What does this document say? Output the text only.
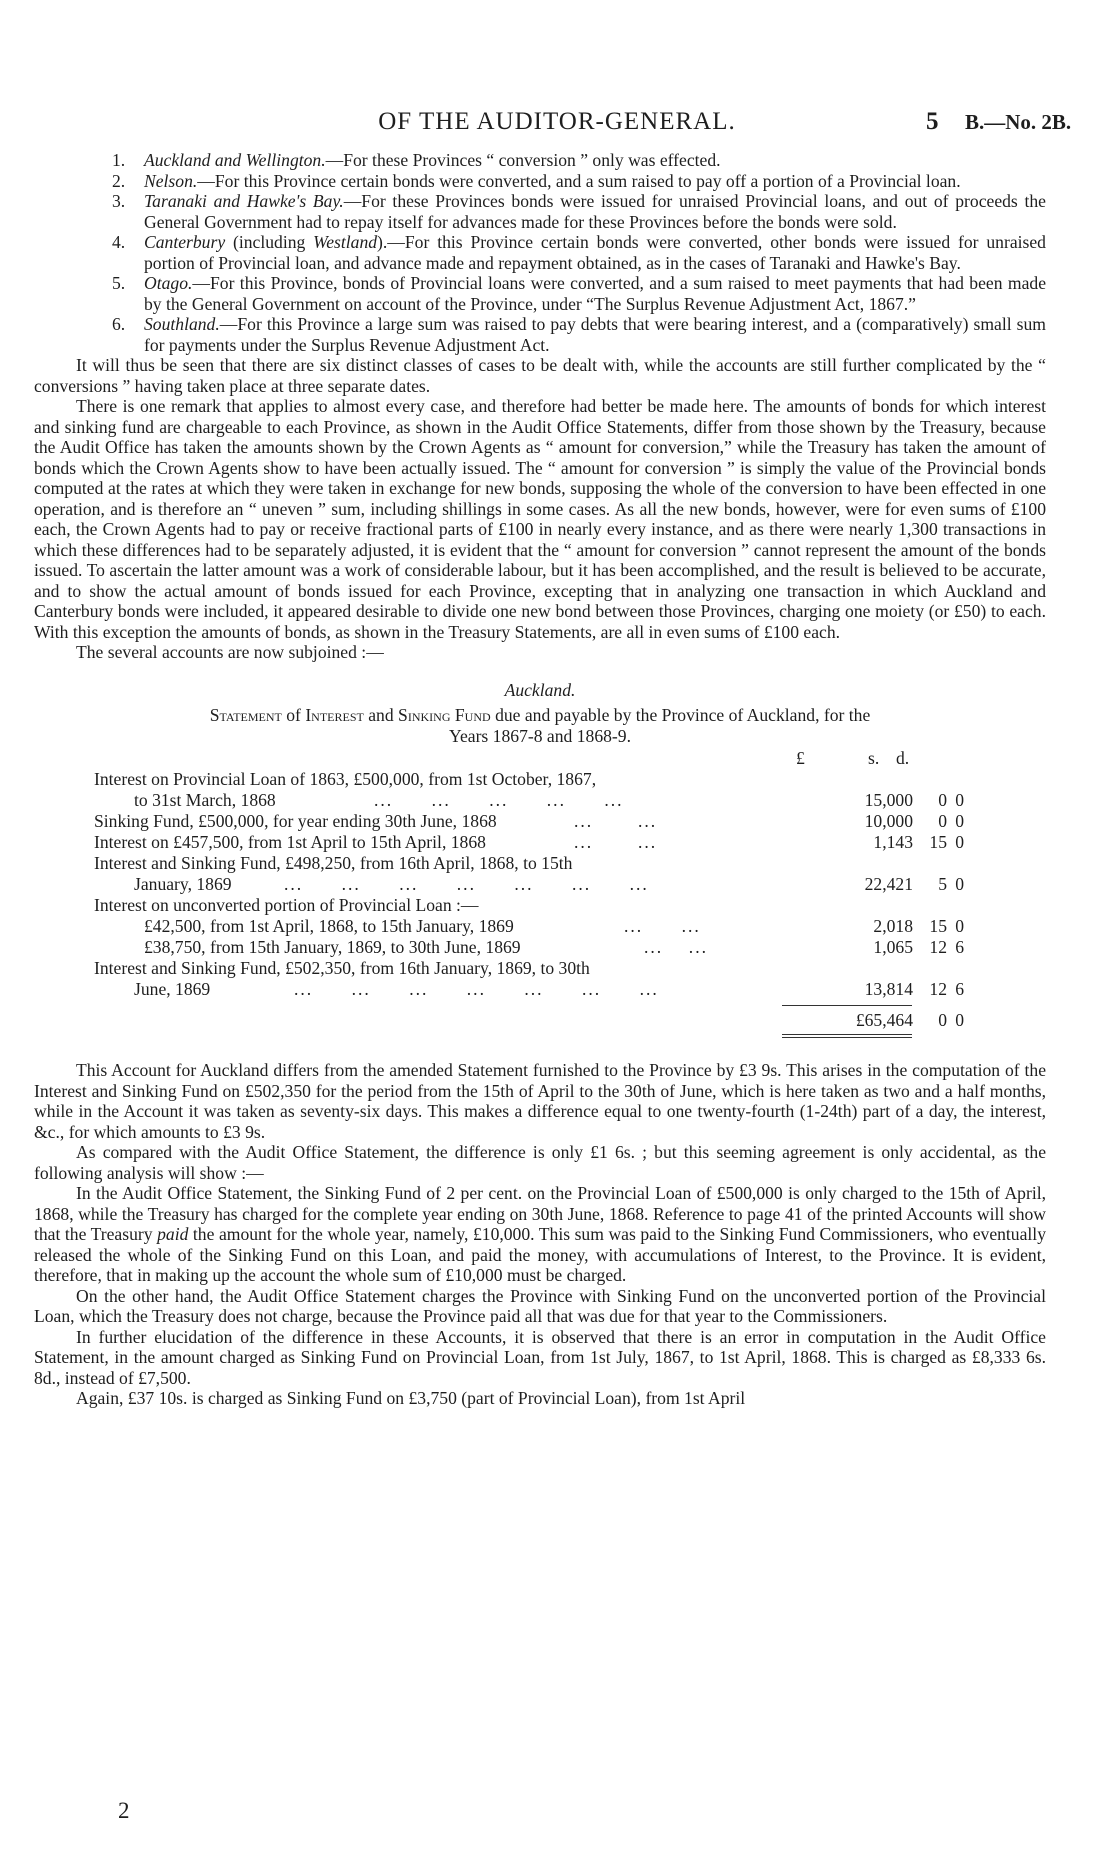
OF THE AUDITOR-GENERAL.	5 B.—No. 2B.
1. Auckland and Wellington.—For these Provinces “ conversion ” only was effected.
2. Nelson.—For this Province certain bonds were converted, and a sum raised to pay off a portion of a Provincial loan.
3. Taranaki and Hawke's Bay.—For these Provinces bonds were issued for unraised Provincial loans, and out of proceeds the General Government had to repay itself for advances made for these Provinces before the bonds were sold.
4. Canterbury (including Westland).—For this Province certain bonds were converted, other bonds were issued for unraised portion of Provincial loan, and advance made and repayment obtained, as in the cases of Taranaki and Hawke's Bay.
5. Otago.—For this Province, bonds of Provincial loans were converted, and a sum raised to meet payments that had been made by the General Government on account of the Province, under “The Surplus Revenue Adjustment Act, 1867.”
6. Southland.—For this Province a large sum was raised to pay debts that were bearing interest, and a (comparatively) small sum for payments under the Surplus Revenue Adjustment Act.

It will thus be seen that there are six distinct classes of cases to be dealt with, while the accounts are still further complicated by the “ conversions ” having taken place at three separate dates.

There is one remark that applies to almost every case, and therefore had better be made here. The amounts of bonds for which interest and sinking fund are chargeable to each Province, as shown in the Audit Office Statements, differ from those shown by the Treasury, because the Audit Office has taken the amounts shown by the Crown Agents as “ amount for conversion,” while the Treasury has taken the amount of bonds which the Crown Agents show to have been actually issued. The “ amount for conversion ” is simply the value of the Provincial bonds computed at the rates at which they were taken in exchange for new bonds, supposing the whole of the conversion to have been effected in one operation, and is therefore an “ uneven ” sum, including shillings in some cases. As all the new bonds, however, were for even sums of £100 each, the Crown Agents had to pay or receive fractional parts of £100 in nearly every instance, and as there were nearly 1,300 transactions in which these differences had to be separately adjusted, it is evident that the “ amount for conversion ” cannot represent the amount of the bonds issued. To ascertain the latter amount was a work of considerable labour, but it has been accomplished, and the result is believed to be accurate, and to show the actual amount of bonds issued for each Province, excepting that in analyzing one transaction in which Auckland and Canterbury bonds were included, it appeared desirable to divide one new bond between those Provinces, charging one moiety (or £50) to each. With this exception the amounts of bonds, as shown in the Treasury Statements, are all in even sums of £100 each.

The several accounts are now subjoined :—

Auckland.
Statement of Interest and Sinking Fund due and payable by the Province of Auckland, for the
Years 1867-8 and 1868-9.
£	s. d.
Interest on Provincial Loan of 1863, £500,000, from 1st October, 1867,
to 31st March, 1868	... ... ... ... ...	15,000	0 0
Sinking Fund, £500,000, for year ending 30th June, 1868	...	...	10,000	0 0
Interest on £457,500, from 1st April to 15th April, 1868	...	...	1,143 15 0
Interest and Sinking Fund, £498,250, from 16th April, 1868, to 15th
January, 1869	... ... ... ... ... ... ...	22,421	5 0
Interest on unconverted portion of Provincial Loan :—
£42,500, from 1st April, 1868, to 15th January, 1869	... ...	2,018 15 0
£38,750, from 15th January, 1869, to 30th June, 1869	... ...	1,065 12 6
Interest and Sinking Fund, £502,350, from 16th January, 1869, to 30th
June, 1869	... ... ... ... ... ... ...	13,814 12 6
£65,464	0 0

This Account for Auckland differs from the amended Statement furnished to the Province by £3 9s. This arises in the computation of the Interest and Sinking Fund on £502,350 for the period from the 15th of April to the 30th of June, which is here taken as two and a half months, while in the Account it was taken as seventy-six days. This makes a difference equal to one twenty-fourth (1-24th) part of a day, the interest, &c., for which amounts to £3 9s.

As compared with the Audit Office Statement, the difference is only £1 6s. ; but this seeming agreement is only accidental, as the following analysis will show :—

In the Audit Office Statement, the Sinking Fund of 2 per cent. on the Provincial Loan of £500,000 is only charged to the 15th of April, 1868, while the Treasury has charged for the complete year ending on 30th June, 1868. Reference to page 41 of the printed Accounts will show that the Treasury paid the amount for the whole year, namely, £10,000. This sum was paid to the Sinking Fund Commissioners, who eventually released the whole of the Sinking Fund on this Loan, and paid the money, with accumulations of Interest, to the Province. It is evident, therefore, that in making up the account the whole sum of £10,000 must be charged.

On the other hand, the Audit Office Statement charges the Province with Sinking Fund on the unconverted portion of the Provincial Loan, which the Treasury does not charge, because the Province paid all that was due for that year to the Commissioners.

In further elucidation of the difference in these Accounts, it is observed that there is an error in computation in the Audit Office Statement, in the amount charged as Sinking Fund on Provincial Loan, from 1st July, 1867, to 1st April, 1868. This is charged as £8,333 6s. 8d., instead of £7,500.

Again, £37 10s. is charged as Sinking Fund on £3,750 (part of Provincial Loan), from 1st April

2
